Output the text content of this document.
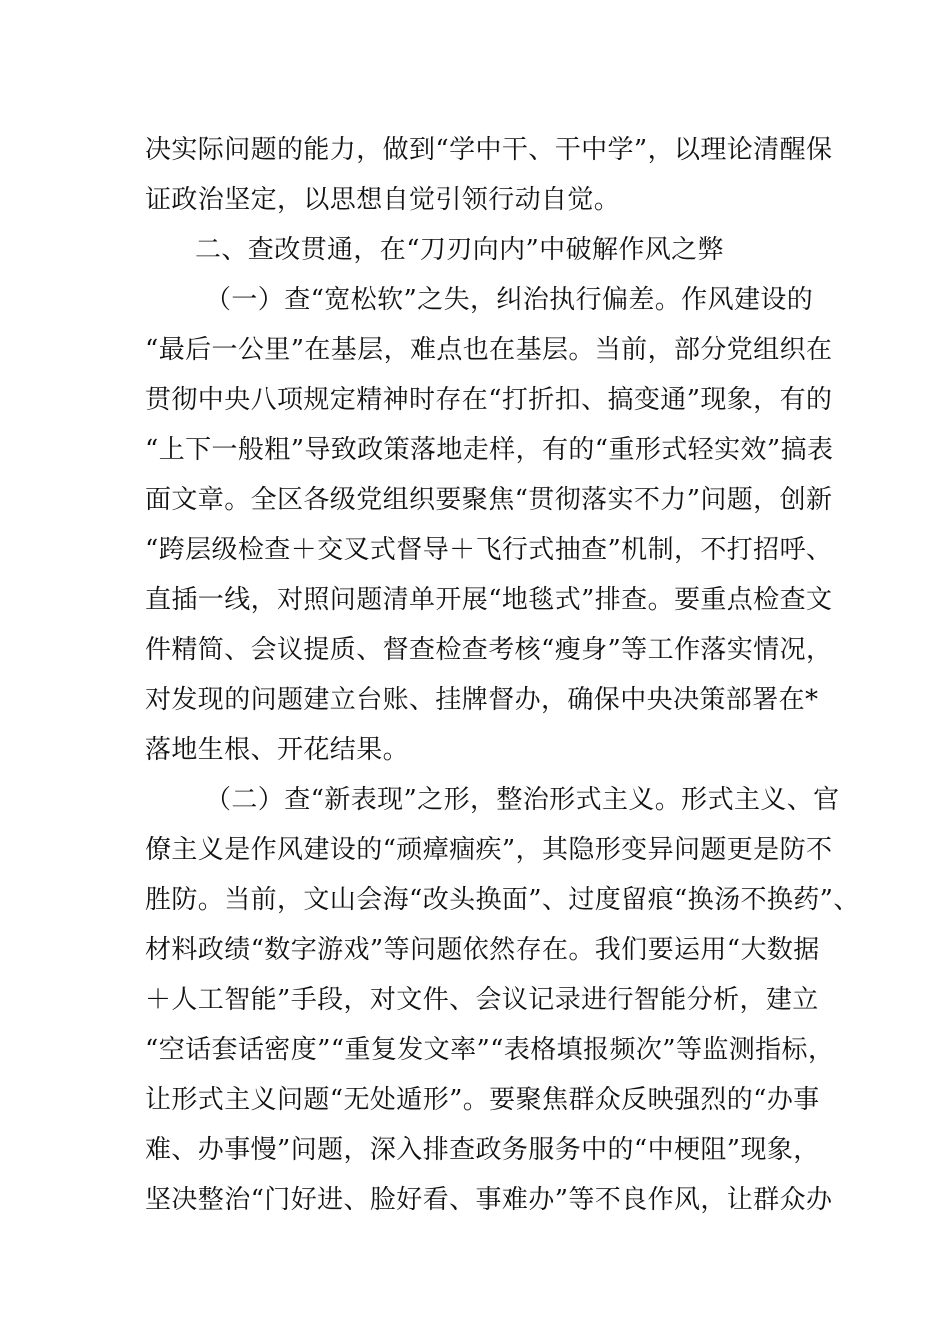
决实际问题的能力，做到“学中干、干中学”，以理论清醒保
证政治坚定，以思想自觉引领行动自觉。
二、查改贯通，在“刀刃向内”中破解作风之弊
（一）查“宽松软”之失，纠治执行偏差。作风建设的
“最后一公里”在基层，难点也在基层。当前，部分党组织在
贯彻中央八项规定精神时存在“打折扣、搞变通”现象，有的
“上下一般粗”导致政策落地走样，有的“重形式轻实效”搞表
面文章。全区各级党组织要聚焦“贯彻落实不力”问题，创新
“跨层级检查＋交叉式督导＋飞行式抽查”机制，不打招呼、
直插一线，对照问题清单开展“地毯式”排查。要重点检查文
件精简、会议提质、督查检查考核“瘦身”等工作落实情况，
对发现的问题建立台账、挂牌督办，确保中央决策部署在*
落地生根、开花结果。
（二）查“新表现”之形，整治形式主义。形式主义、官
僚主义是作风建设的“顽瘴痼疾”，其隐形变异问题更是防不
胜防。当前，文山会海“改头换面”、过度留痕“换汤不换药”、
材料政绩“数字游戏”等问题依然存在。我们要运用“大数据
＋人工智能”手段，对文件、会议记录进行智能分析，建立
“空话套话密度”“重复发文率”“表格填报频次”等监测指标，
让形式主义问题“无处遁形”。要聚焦群众反映强烈的“办事
难、办事慢”问题，深入排查政务服务中的“中梗阻”现象，
坚决整治“门好进、脸好看、事难办”等不良作风，让群众办
